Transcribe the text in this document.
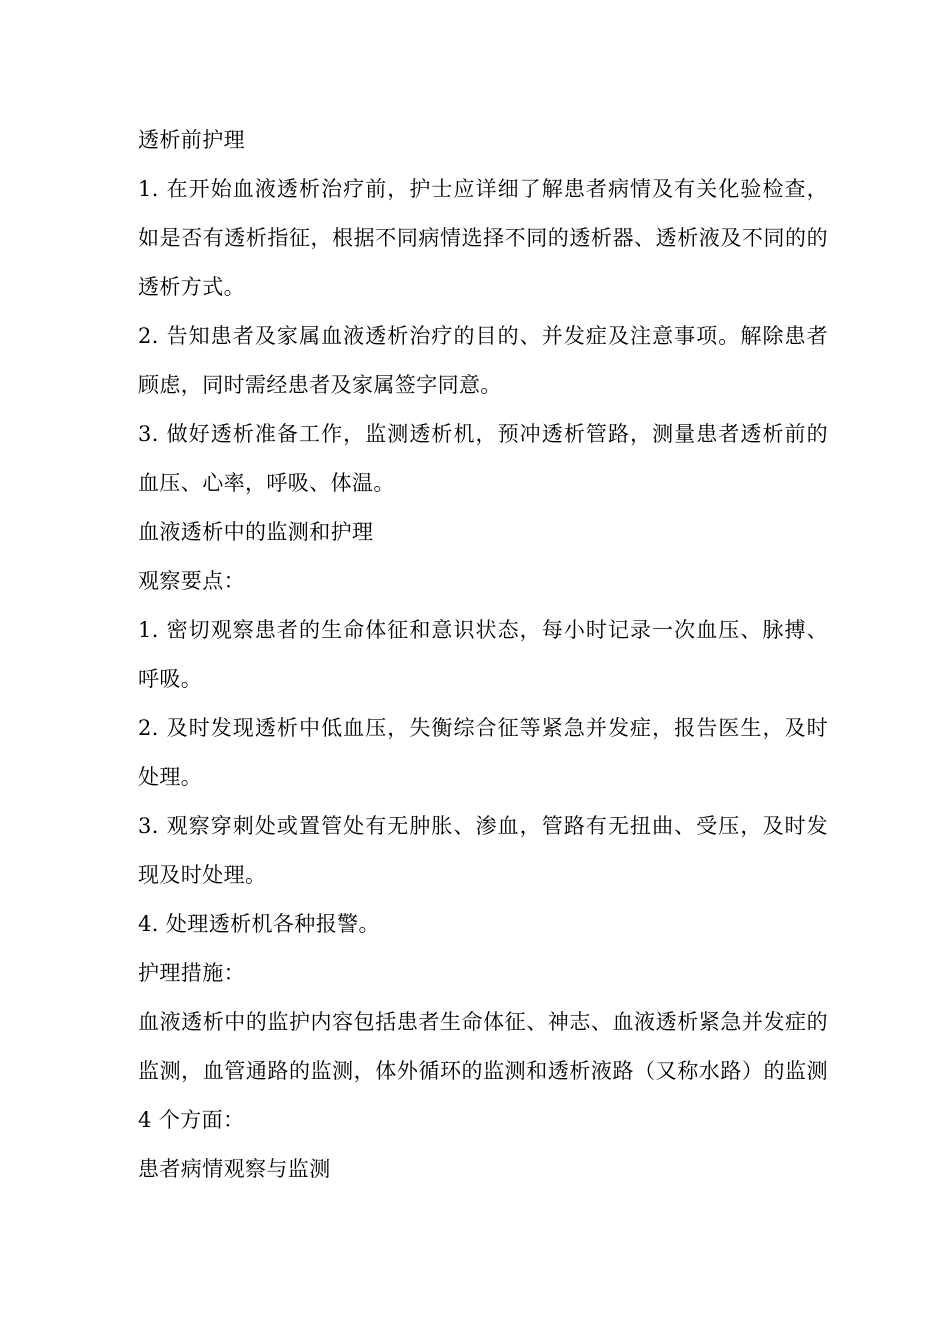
透析前护理

1. 在开始血液透析治疗前，护士应详细了解患者病情及有关化验检查，如是否有透析指征，根据不同病情选择不同的透析器、透析液及不同的的透析方式。

2. 告知患者及家属血液透析治疗的目的、并发症及注意事项。解除患者顾虑，同时需经患者及家属签字同意。

3. 做好透析准备工作，监测透析机，预冲透析管路，测量患者透析前的血压、心率，呼吸、体温。

血液透析中的监测和护理

观察要点：

1. 密切观察患者的生命体征和意识状态，每小时记录一次血压、脉搏、呼吸。

2. 及时发现透析中低血压，失衡综合征等紧急并发症，报告医生，及时处理。

3. 观察穿刺处或置管处有无肿胀、渗血，管路有无扭曲、受压，及时发现及时处理。

4. 处理透析机各种报警。

护理措施：

血液透析中的监护内容包括患者生命体征、神志、血液透析紧急并发症的监测，血管通路的监测，体外循环的监测和透析液路（又称水路）的监测 4 个方面：

患者病情观察与监测
